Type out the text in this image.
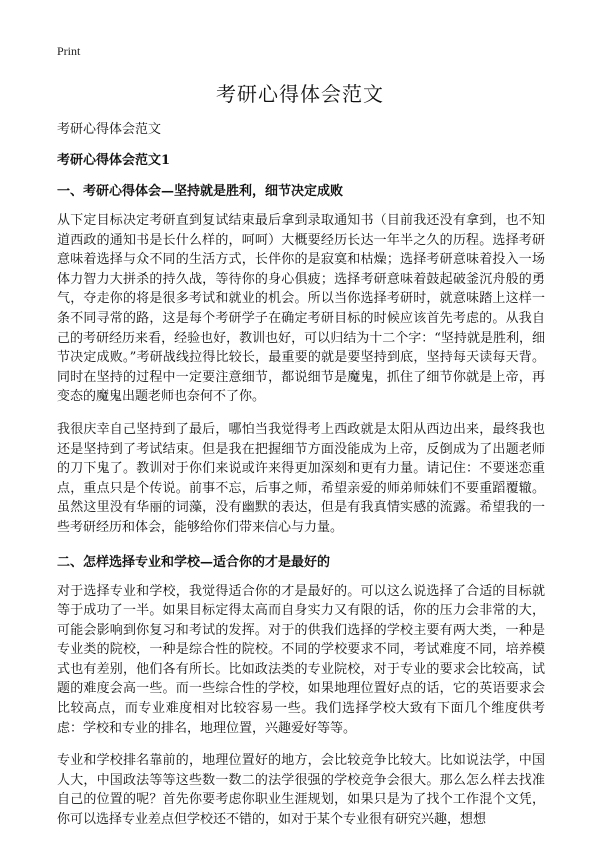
Print
考研心得体会范文
考研心得体会范文
考研心得体会范文1
一、考研心得体会—坚持就是胜利，细节决定成败
从下定目标决定考研直到复试结束最后拿到录取通知书（目前我还没有拿到，也不知道西政的通知书是长什么样的，呵呵）大概要经历长达一年半之久的历程。选择考研意味着选择与众不同的生活方式，长伴你的是寂寞和枯燥；选择考研意味着投入一场体力智力大拼杀的持久战，等待你的身心俱疲；选择考研意味着鼓起破釜沉舟般的勇气，夺走你的将是很多考试和就业的机会。所以当你选择考研时，就意味踏上这样一条不同寻常的路，这是每个考研学子在确定考研目标的时候应该首先考虑的。从我自己的考研经历来看，经验也好，教训也好，可以归结为十二个字：“坚持就是胜利，细节决定成败。”考研战线拉得比较长，最重要的就是要坚持到底，坚持每天读每天背。同时在坚持的过程中一定要注意细节，都说细节是魔鬼，抓住了细节你就是上帝，再变态的魔鬼出题老师也奈何不了你。
我很庆幸自己坚持到了最后，哪怕当我觉得考上西政就是太阳从西边出来，最终我也还是坚持到了考试结束。但是我在把握细节方面没能成为上帝，反倒成为了出题老师的刀下鬼了。教训对于你们来说或许来得更加深刻和更有力量。请记住：不要迷恋重点，重点只是个传说。前事不忘，后事之师，希望亲爱的师弟师妹们不要重蹈覆辙。虽然这里没有华丽的词藻，没有幽默的表达，但是有我真情实感的流露。希望我的一些考研经历和体会，能够给你们带来信心与力量。
二、怎样选择专业和学校—适合你的才是最好的
对于选择专业和学校，我觉得适合你的才是最好的。可以这么说选择了合适的目标就等于成功了一半。如果目标定得太高而自身实力又有限的话，你的压力会非常的大，可能会影响到你复习和考试的发挥。对于的供我们选择的学校主要有两大类，一种是专业类的院校，一种是综合性的院校。不同的学校要求不同，考试难度不同，培养模式也有差别，他们各有所长。比如政法类的专业院校，对于专业的要求会比较高，试题的难度会高一些。而一些综合性的学校，如果地理位置好点的话，它的英语要求会比较高点，而专业难度相对比较容易一些。我们选择学校大致有下面几个维度供考虑：学校和专业的排名，地理位置，兴趣爱好等等。
专业和学校排名靠前的，地理位置好的地方，会比较竞争比较大。比如说法学，中国人大，中国政法等等这些数一数二的法学很强的学校竞争会很大。那么怎么样去找准自己的位置的呢？首先你要考虑你职业生涯规划，如果只是为了找个工作混个文凭，你可以选择专业差点但学校还不错的，如对于某个专业很有研究兴趣，想想
